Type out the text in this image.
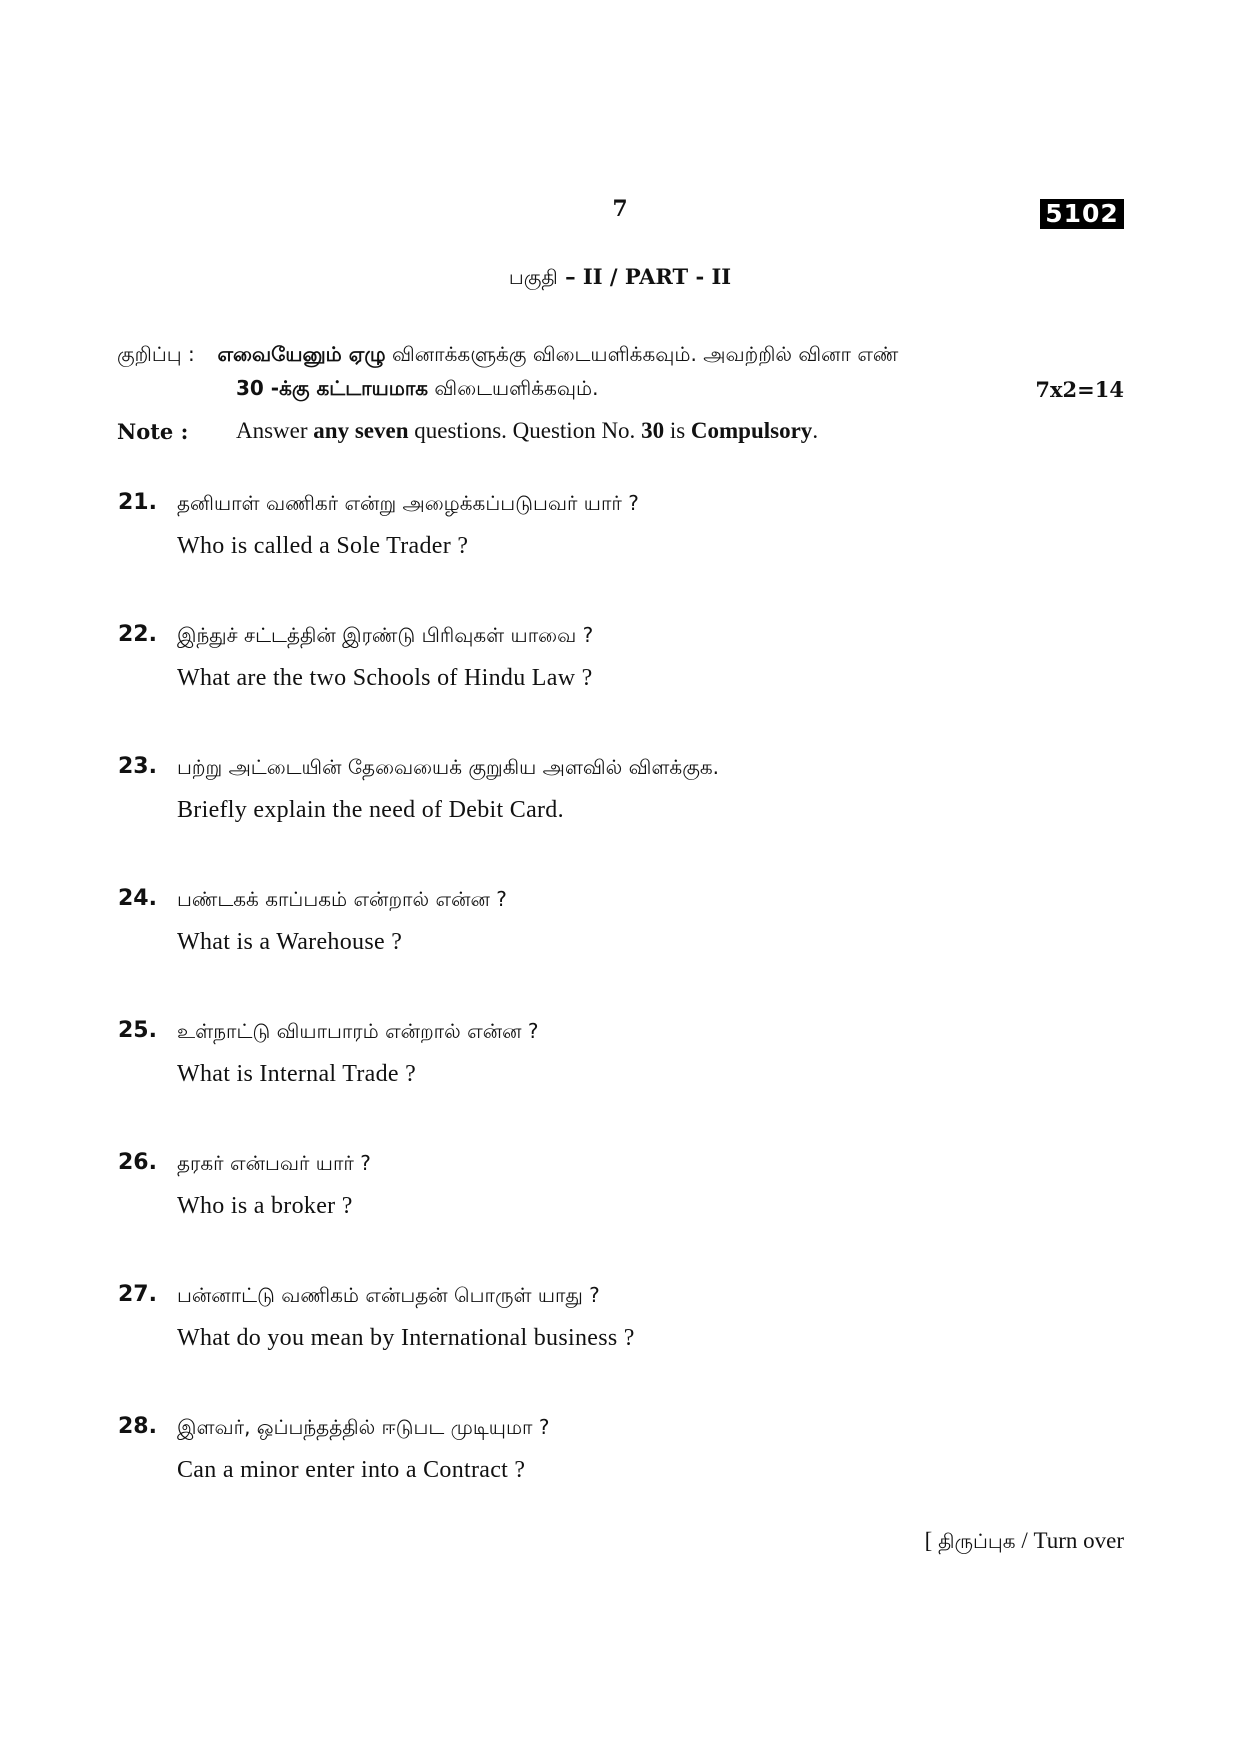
7	5102
பகுதி – II / PART - II
குறிப்பு : எவையேனும் ஏழு வினாக்களுக்கு விடையளிக்கவும். அவற்றில் வினா எண்
30 -க்கு கட்டாயமாக விடையளிக்கவும்.	7x2=14
Note : Answer any seven questions. Question No. 30 is Compulsory.
21. தனியாள் வணிகர் என்று அழைக்கப்படுபவர் யார் ?
Who is called a Sole Trader ?
22. இந்துச் சட்டத்தின் இரண்டு பிரிவுகள் யாவை ?
What are the two Schools of Hindu Law ?
23. பற்று அட்டையின் தேவையைக் குறுகிய அளவில் விளக்குக.
Briefly explain the need of Debit Card.
24. பண்டகக் காப்பகம் என்றால் என்ன ?
What is a Warehouse ?
25. உள்நாட்டு வியாபாரம் என்றால் என்ன ?
What is Internal Trade ?
26. தரகர் என்பவர் யார் ?
Who is a broker ?
27. பன்னாட்டு வணிகம் என்பதன் பொருள் யாது ?
What do you mean by International business ?
28. இளவர், ஒப்பந்தத்தில் ஈடுபட முடியுமா ?
Can a minor enter into a Contract ?
[ திருப்புக / Turn over
